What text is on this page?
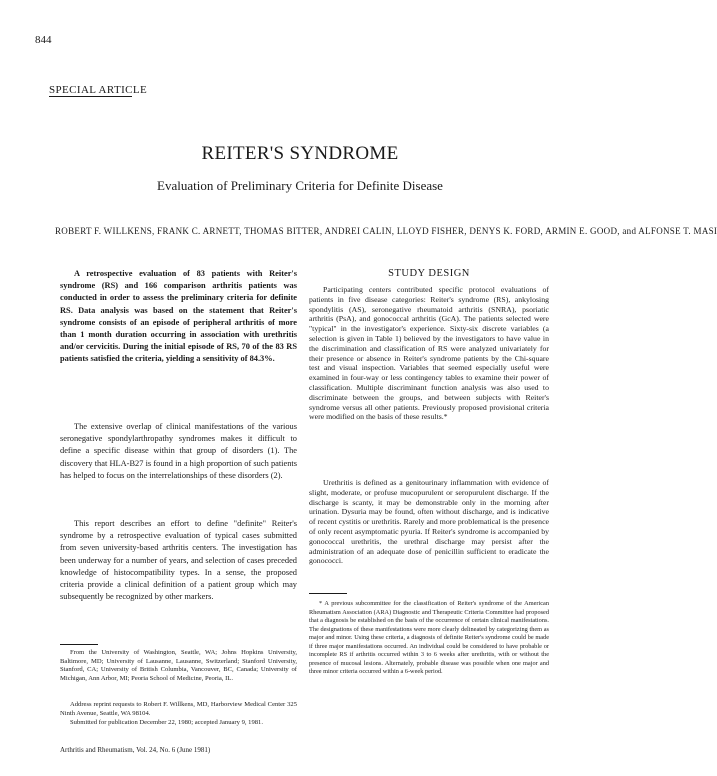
844
SPECIAL ARTICLE
REITER'S SYNDROME
Evaluation of Preliminary Criteria for Definite Disease
ROBERT F. WILLKENS, FRANK C. ARNETT, THOMAS BITTER, ANDREI CALIN, LLOYD FISHER, DENYS K. FORD, ARMIN E. GOOD, and ALFONSE T. MASI
A retrospective evaluation of 83 patients with Reiter's syndrome (RS) and 166 comparison arthritis patients was conducted in order to assess the preliminary criteria for definite RS. Data analysis was based on the statement that Reiter's syndrome consists of an episode of peripheral arthritis of more than 1 month duration occurring in association with urethritis and/or cervicitis. During the initial episode of RS, 70 of the 83 RS patients satisfied the criteria, yielding a sensitivity of 84.3%.
The extensive overlap of clinical manifestations of the various seronegative spondylarthropathy syndromes makes it difficult to define a specific disease within that group of disorders (1). The discovery that HLA-B27 is found in a high proportion of such patients has helped to focus on the interrelationships of these disorders (2).
This report describes an effort to define "definite" Reiter's syndrome by a retrospective evaluation of typical cases submitted from seven university-based arthritis centers. The investigation has been underway for a number of years, and selection of cases preceded knowledge of histocompatibility types. In a sense, the proposed criteria provide a clinical definition of a patient group which may subsequently be recognized by other markers.
STUDY DESIGN
Participating centers contributed specific protocol evaluations of patients in five disease categories: Reiter's syndrome (RS), ankylosing spondylitis (AS), seronegative rheumatoid arthritis (SNRA), psoriatic arthritis (PsA), and gonococcal arthritis (GcA). The patients selected were "typical" in the investigator's experience. Sixty-six discrete variables (a selection is given in Table 1) believed by the investigators to have value in the discrimination and classification of RS were analyzed univariately for their presence or absence in Reiter's syndrome patients by the Chi-square test and visual inspection. Variables that seemed especially useful were examined in four-way or less contingency tables to examine their power of classification. Multiple discriminant function analysis was also used to discriminate between the groups, and between subjects with Reiter's syndrome versus all other patients. Previously proposed provisional criteria were modified on the basis of these results.*
Urethritis is defined as a genitourinary inflammation with evidence of slight, moderate, or profuse mucopurulent or seropurulent discharge. If the discharge is scanty, it may be demonstrable only in the morning after urination. Dysuria may be found, often without discharge, and is indicative of recent cystitis or urethritis. Rarely and more problematical is the presence of only recent asymptomatic pyuria. If Reiter's syndrome is accompanied by gonococcal urethritis, the urethral discharge may persist after the administration of an adequate dose of penicillin sufficient to eradicate the gonococci.
* A previous subcommittee for the classification of Reiter's syndrome of the American Rheumatism Association (ARA) Diagnostic and Therapeutic Criteria Committee had proposed that a diagnosis be established on the basis of the occurrence of certain clinical manifestations. The designations of these manifestations were more clearly delineated by categorizing them as major and minor. Using these criteria, a diagnosis of definite Reiter's syndrome could be made if three major manifestations occurred. An individual could be considered to have probable or incomplete RS if arthritis occurred within 3 to 6 weeks after urethritis, with or without the presence of mucosal lesions. Alternately, probable disease was possible when one major and three minor criteria occurred within a 6-week period.
From the University of Washington, Seattle, WA; Johns Hopkins University, Baltimore, MD; University of Lausanne, Lausanne, Switzerland; Stanford University, Stanford, CA; University of British Columbia, Vancouver, BC, Canada; University of Michigan, Ann Arbor, MI; Peoria School of Medicine, Peoria, IL.
Address reprint requests to Robert F. Willkens, MD, Harborview Medical Center 325 Ninth Avenue, Seattle, WA 98104.
Submitted for publication December 22, 1980; accepted January 9, 1981.
Arthritis and Rheumatism, Vol. 24, No. 6 (June 1981)
